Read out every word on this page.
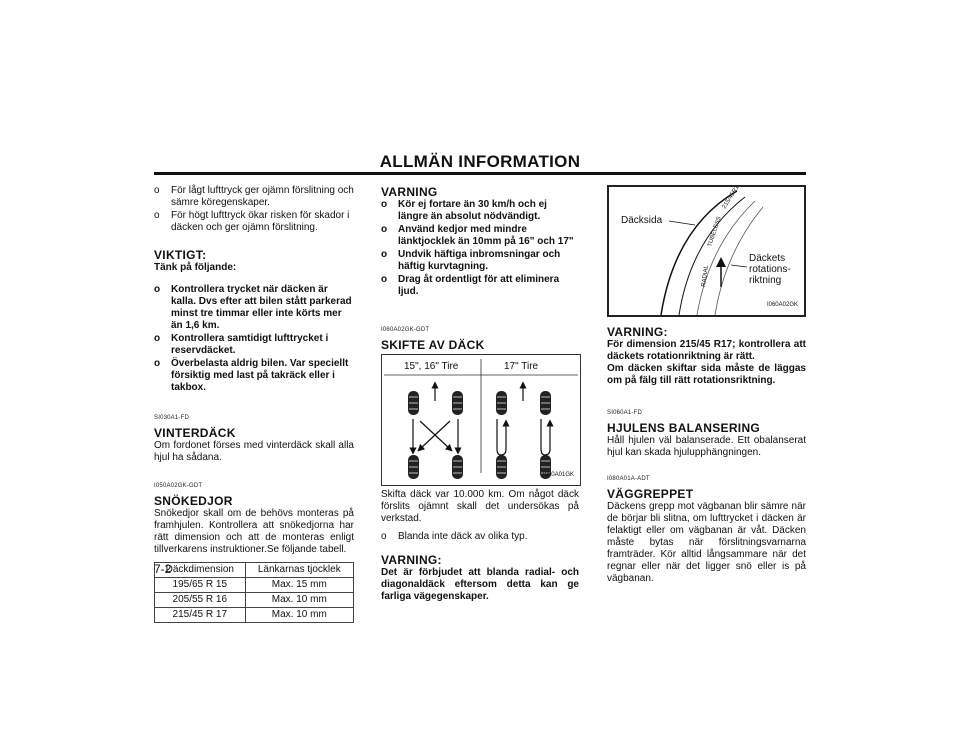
ALLMÄN INFORMATION
o För lågt lufttryck ger ojämn förslitning och sämre köregenskaper.
o För högt lufttryck ökar risken för skador i däcken och ger ojämn förslitning.
VIKTIGT:
Tänk på följande:
o Kontrollera trycket när däcken är kalla. Dvs efter att bilen stått parkerad minst tre timmar eller inte körts mer än 1,6 km.
o Kontrollera samtidigt lufttrycket i reservdäcket.
o Överbelasta aldrig bilen. Var speciellt försiktig med last på takräck eller i takbox.
SI030A1-FD
VINTERDÄCK

Om fordonet förses med vinterdäck skall alla hjul ha sådana.

I050A02GK-GDT
SNÖKEDJOR

Snökedjor skall om de behövs monteras på framhjulen. Kontrollera att snökedjorna har rätt dimension och att de monteras enligt tillverkarens instruktioner.Se följande tabell.

Däckdimension	Länkarnas tjocklek
195/65 R 15	Max. 15 mm
205/55 R 16	Max. 10 mm
215/45 R 17	Max. 10 mm
VARNING
o Kör ej fortare än 30 km/h och ej längre än absolut nödvändigt.
o Använd kedjor med mindre länktjocklek än 10mm på 16" och 17"
o Undvik häftiga inbromsningar och häftig kurvtagning.
o Drag åt ordentligt för att eliminera ljud.
I060A02GK-GDT
SKIFTE AV DÄCK
15", 16" Tire	17" Tire
I060A01GK

Skifta däck var 10.000 km. Om något däck förslits ojämnt skall det undersökas på verkstad.

o Blanda inte däck av olika typ.
VARNING:

Det är förbjudet att blanda radial- och diagonaldäck eftersom detta kan ge farliga vägegenskaper.

215/45R17
TUBELESS
RADIAL
Däcksida
Däckets
rotations-
riktning
I060A02GK
VARNING:

För dimension 215/45 R17; kontrollera att däckets rotationriktning är rätt.

Om däcken skiftar sida måste de läggas om på fälg till rätt rotationsriktning.

SI060A1-FD
HJULENS BALANSERING

Håll hjulen väl balanserade. Ett obalanserat hjul kan skada hjulupphängningen.

I080A01A-ADT
VÄGGREPPET

Däckens grepp mot vägbanan blir sämre när de börjar bli slitna, om lufttrycket i däcken är felaktigt eller om vägbanan är våt. Däcken måste bytas när förslitningsvarnarna framträder. Kör alltid långsammare när det regnar eller när det ligger snö eller is på vägbanan.

7-2
